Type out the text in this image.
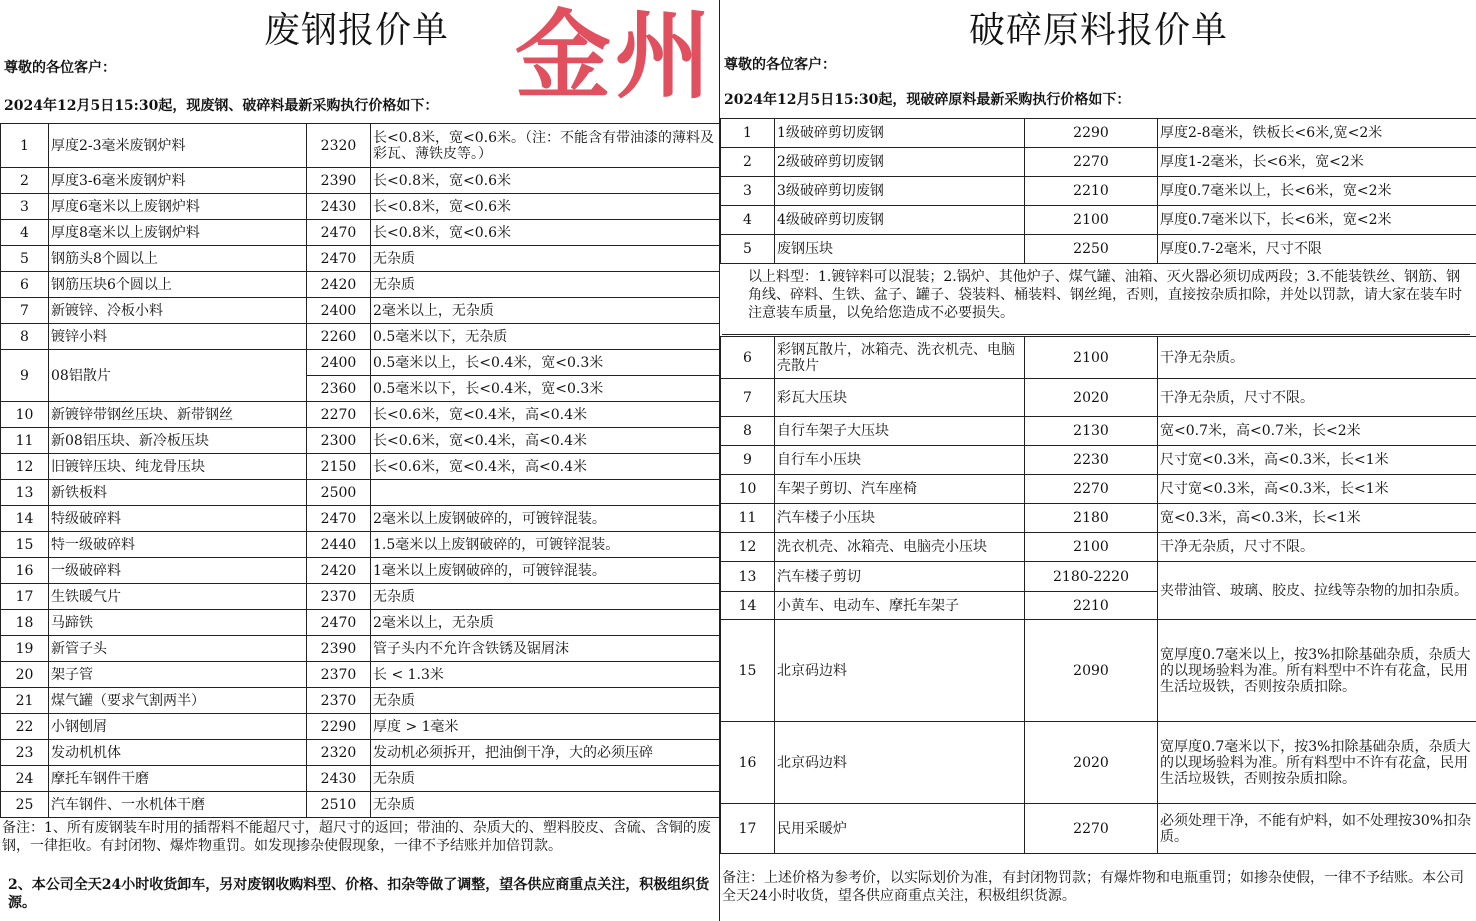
废钢报价单 金州
尊敬的各位客户：
2024年12月5日15:30起，现废钢、破碎料最新采购执行价格如下：
1	厚度2-3毫米废钢炉料	2320	长<0.8米，宽<0.6米。（注：不能含有带油漆的薄料及彩瓦、薄铁皮等。）
2	厚度3-6毫米废钢炉料	2390	长<0.8米，宽<0.6米
3	厚度6毫米以上废钢炉料	2430	长<0.8米，宽<0.6米
4	厚度8毫米以上废钢炉料	2470	长<0.8米，宽<0.6米
5	钢筋头8个圆以上	2470	无杂质
6	钢筋压块6个圆以上	2420	无杂质
7	新镀锌、冷板小料	2400	2毫米以上，无杂质
8	镀锌小料	2260	0.5毫米以下，无杂质
9	08铝散片	2400	0.5毫米以上，长<0.4米，宽<0.3米
		2360	0.5毫米以下，长<0.4米，宽<0.3米
10	新镀锌带钢丝压块、新带钢丝	2270	长<0.6米，宽<0.4米，高<0.4米
11	新08铝压块、新冷板压块	2300	长<0.6米，宽<0.4米，高<0.4米
12	旧镀锌压块、纯龙骨压块	2150	长<0.6米，宽<0.4米，高<0.4米
13	新铁板料	2500	
14	特级破碎料	2470	2毫米以上废钢破碎的，可镀锌混装。
15	特一级破碎料	2440	1.5毫米以上废钢破碎的，可镀锌混装。
16	一级破碎料	2420	1毫米以上废钢破碎的，可镀锌混装。
17	生铁暖气片	2370	无杂质
18	马蹄铁	2470	2毫米以上，无杂质
19	新管子头	2390	管子头内不允许含铁锈及锯屑沫
20	架子管	2370	长 < 1.3米
21	煤气罐（要求气割两半）	2370	无杂质
22	小钢刨屑	2290	厚度 > 1毫米
23	发动机机体	2320	发动机必须拆开，把油倒干净，大的必须压碎
24	摩托车钢件干磨	2430	无杂质
25	汽车钢件、一水机体干磨	2510	无杂质
备注：1、所有废钢装车时用的插帮料不能超尺寸，超尺寸的返回；带油的、杂质大的、塑料胶皮、含硫、含铜的废钢，一律拒收。有封闭物、爆炸物重罚。如发现掺杂使假现象，一律不予结账并加倍罚款。
2、本公司全天24小时收货卸车，另对废钢收购料型、价格、扣杂等做了调整，望各供应商重点关注，积极组织货源。
破碎原料报价单
尊敬的各位客户：
2024年12月5日15:30起，现破碎原料最新采购执行价格如下：
1	1级破碎剪切废钢	2290	厚度2-8毫米，铁板长<6米,宽<2米
2	2级破碎剪切废钢	2270	厚度1-2毫米，长<6米，宽<2米
3	3级破碎剪切废钢	2210	厚度0.7毫米以上，长<6米，宽<2米
4	4级破碎剪切废钢	2100	厚度0.7毫米以下，长<6米，宽<2米
5	废钢压块	2250	厚度0.7-2毫米，尺寸不限
以上料型：1.镀锌料可以混装；2.锅炉、其他炉子、煤气罐、油箱、灭火器必须切成两段；3.不能装铁丝、钢筋、钢角线、碎料、生铁、盆子、罐子、袋装料、桶装料、钢丝绳，否则，直接按杂质扣除，并处以罚款，请大家在装车时注意装车质量，以免给您造成不必要损失。
6	彩钢瓦散片，冰箱壳、洗衣机壳、电脑壳散片	2100	干净无杂质。
7	彩瓦大压块	2020	干净无杂质，尺寸不限。
8	自行车架子大压块	2130	宽<0.7米，高<0.7米，长<2米
9	自行车小压块	2230	尺寸宽<0.3米，高<0.3米，长<1米
10	车架子剪切、汽车座椅	2270	尺寸宽<0.3米，高<0.3米，长<1米
11	汽车楼子小压块	2180	宽<0.3米，高<0.3米，长<1米
12	洗衣机壳、冰箱壳、电脑壳小压块	2100	干净无杂质，尺寸不限。
13	汽车楼子剪切	2180-2220	夹带油管、玻璃、胶皮、拉线等杂物的加扣杂质。
14	小黄车、电动车、摩托车架子	2210	
15	北京码边料	2090	宽厚度0.7毫米以上，按3%扣除基础杂质，杂质大的以现场验料为准。所有料型中不许有花盒，民用生活垃圾铁，否则按杂质扣除。
16	北京码边料	2020	宽厚度0.7毫米以下，按3%扣除基础杂质，杂质大的以现场验料为准。所有料型中不许有花盒，民用生活垃圾铁，否则按杂质扣除。
17	民用采暖炉	2270	必须处理干净，不能有炉料，如不处理按30%扣杂质。
备注：上述价格为参考价，以实际划价为准，有封闭物罚款；有爆炸物和电瓶重罚；如掺杂使假，一律不予结账。本公司全天24小时收货，望各供应商重点关注，积极组织货源。
